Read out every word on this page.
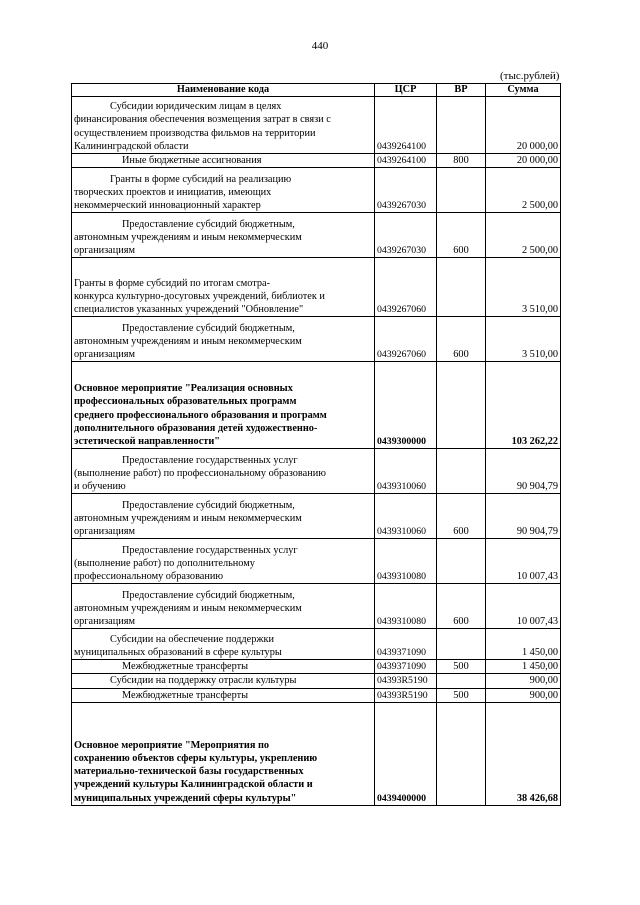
440
(тыс.рублей)
Наименование кода	ЦСР	ВР	Сумма

Субсидии юридическим лицам в целях
финансирования обеспечения возмещения затрат в связи с
осуществлением производства фильмов на территории
Калининградской области	0439264100		20 000,00

Иные бюджетные ассигнования	0439264100	800	20 000,00

Гранты в форме субсидий на реализацию
творческих проектов и инициатив, имеющих
некоммерческий инновационный характер	0439267030		2 500,00

Предоставление субсидий бюджетным,
автономным учреждениям и иным некоммерческим
организациям	0439267030	600	2 500,00

Гранты в форме субсидий по итогам смотра-
конкурса культурно-досуговых учреждений, библиотек и
специалистов указанных учреждений "Обновление"	0439267060		3 510,00

Предоставление субсидий бюджетным,
автономным учреждениям и иным некоммерческим
организациям	0439267060	600	3 510,00

Основное мероприятие "Реализация основных
профессиональных образовательных программ
среднего профессионального образования и программ
дополнительного образования детей художественно-
эстетической направленности"	0439300000		103 262,22

Предоставление государственных услуг
(выполнение работ) по профессиональному образованию
и обучению	0439310060		90 904,79

Предоставление субсидий бюджетным,
автономным учреждениям и иным некоммерческим
организациям	0439310060	600	90 904,79

Предоставление государственных услуг
(выполнение работ) по дополнительному
профессиональному образованию	0439310080		10 007,43

Предоставление субсидий бюджетным,
автономным учреждениям и иным некоммерческим
организациям	0439310080	600	10 007,43

Субсидии на обеспечение поддержки
муниципальных образований в сфере культуры	0439371090		1 450,00

Межбюджетные трансферты	0439371090	500	1 450,00

Субсидии на поддержку отрасли культуры	04393R5190		900,00

Межбюджетные трансферты	04393R5190	500	900,00

Основное мероприятие "Мероприятия по
сохранению объектов сферы культуры, укреплению
материально-технической базы государственных
учреждений культуры Калининградской области и
муниципальных учреждений сферы культуры"	0439400000		38 426,68
